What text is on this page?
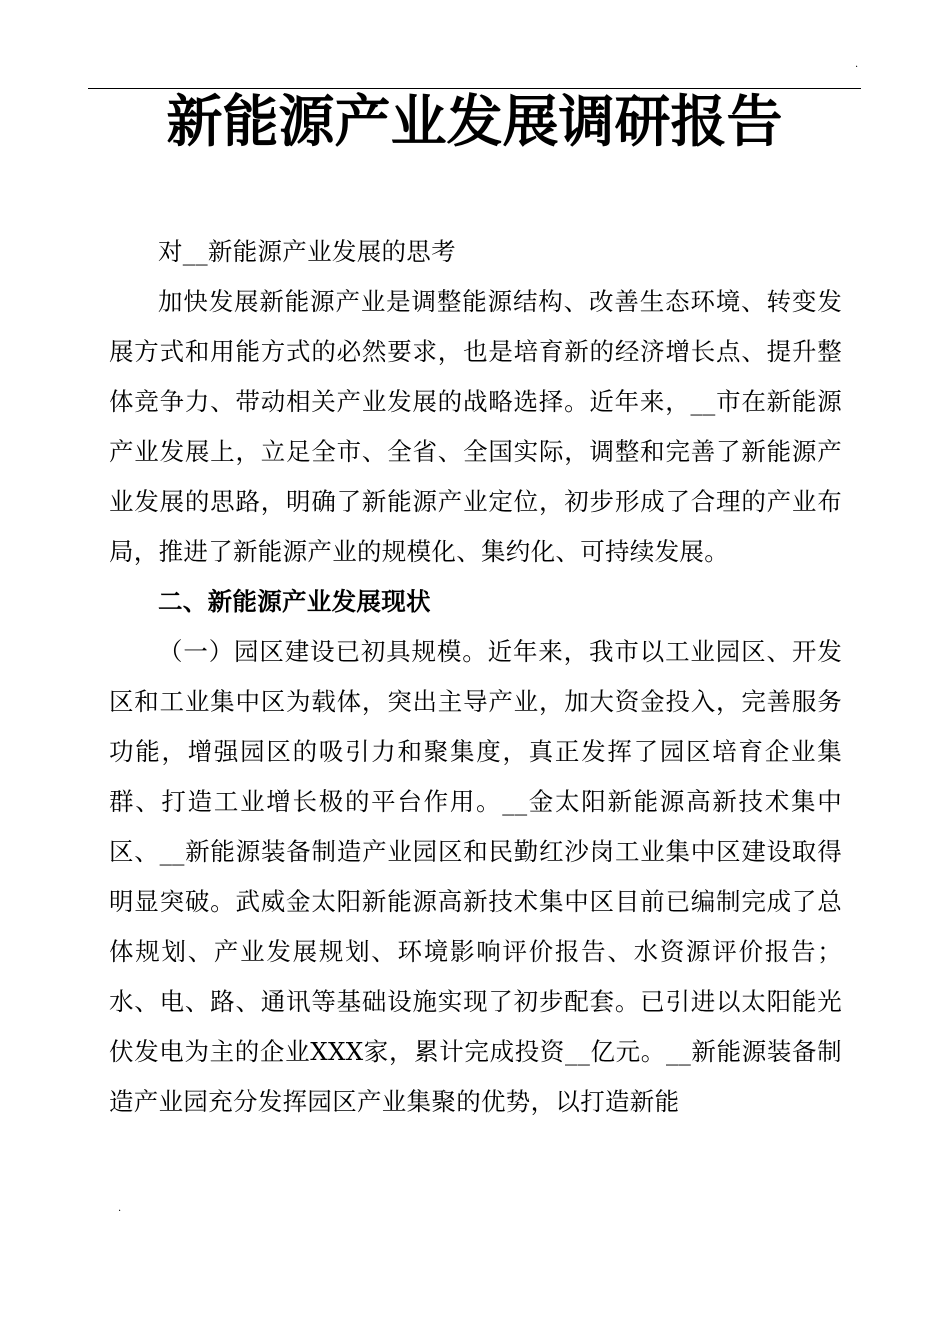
.
新能源产业发展调研报告

对__新能源产业发展的思考

加快发展新能源产业是调整能源结构、改善生态环境、转变发展方式和用能方式的必然要求，也是培育新的经济增长点、提升整体竞争力、带动相关产业发展的战略选择。近年来，__市在新能源产业发展上，立足全市、全省、全国实际，调整和完善了新能源产业发展的思路，明确了新能源产业定位，初步形成了合理的产业布局，推进了新能源产业的规模化、集约化、可持续发展。

二、新能源产业发展现状

（一）园区建设已初具规模。近年来，我市以工业园区、开发区和工业集中区为载体，突出主导产业，加大资金投入，完善服务功能，增强园区的吸引力和聚集度，真正发挥了园区培育企业集群、打造工业增长极的平台作用。__金太阳新能源高新技术集中区、__新能源装备制造产业园区和民勤红沙岗工业集中区建设取得明显突破。武威金太阳新能源高新技术集中区目前已编制完成了总体规划、产业发展规划、环境影响评价报告、水资源评价报告；水、电、路、通讯等基础设施实现了初步配套。已引进以太阳能光伏发电为主的企业XXX家，累计完成投资__亿元。__新能源装备制造产业园充分发挥园区产业集聚的优势，以打造新能

.
